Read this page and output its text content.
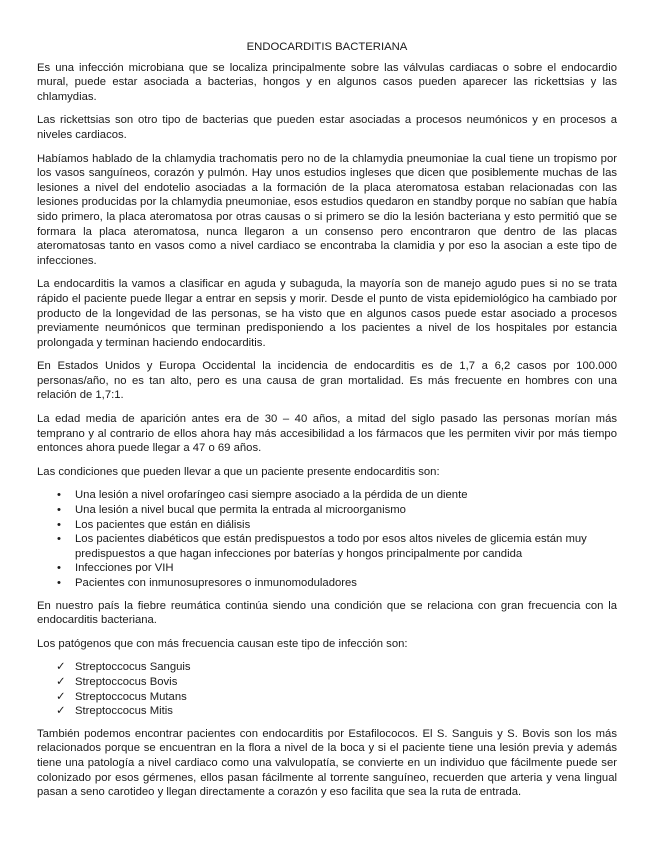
ENDOCARDITIS BACTERIANA

Es una infección microbiana que se localiza principalmente sobre las válvulas cardiacas o sobre el endocardio mural, puede estar asociada a bacterias, hongos y en algunos casos pueden aparecer las rickettsias y las chlamydias.

Las rickettsias son otro tipo de bacterias que pueden estar asociadas a procesos neumónicos y en procesos a niveles cardiacos.

Habíamos hablado de la chlamydia trachomatis pero no de la chlamydia pneumoniae la cual tiene un tropismo por los vasos sanguíneos, corazón y pulmón. Hay unos estudios ingleses que dicen que posiblemente muchas de las lesiones a nivel del endotelio asociadas a la formación de la placa ateromatosa estaban relacionadas con las lesiones producidas por la chlamydia pneumoniae, esos estudios quedaron en standby porque no sabían que había sido primero, la placa ateromatosa por otras causas o si primero se dio la lesión bacteriana y esto permitió que se formara la placa ateromatosa, nunca llegaron a un consenso pero encontraron que dentro de las placas ateromatosas tanto en vasos como a nivel cardiaco se encontraba la clamidia y por eso la asocian a este tipo de infecciones.

La endocarditis la vamos a clasificar en aguda y subaguda, la mayoría son de manejo agudo pues si no se trata rápido el paciente puede llegar a entrar en sepsis y morir. Desde el punto de vista epidemiológico ha cambiado por producto de la longevidad de las personas, se ha visto que en algunos casos puede estar asociado a procesos previamente neumónicos que terminan predisponiendo a los pacientes a nivel de los hospitales por estancia prolongada y terminan haciendo endocarditis.

En Estados Unidos y Europa Occidental la incidencia de endocarditis es de 1,7 a 6,2 casos por 100.000 personas/año, no es tan alto, pero es una causa de gran mortalidad. Es más frecuente en hombres con una relación de 1,7:1.

La edad media de aparición antes era de 30 – 40 años, a mitad del siglo pasado las personas morían más temprano y al contrario de ellos ahora hay más accesibilidad a los fármacos que les permiten vivir por más tiempo entonces ahora puede llegar a 47 o 69 años.

Las condiciones que pueden llevar a que un paciente presente endocarditis son:

• Una lesión a nivel orofaríngeo casi siempre asociado a la pérdida de un diente
• Una lesión a nivel bucal que permita la entrada al microorganismo
• Los pacientes que están en diálisis
• Los pacientes diabéticos que están predispuestos a todo por esos altos niveles de glicemia están muy predispuestos a que hagan infecciones por baterías y hongos principalmente por candida
• Infecciones por VIH
• Pacientes con inmunosupresores o inmunomoduladores

En nuestro país la fiebre reumática continúa siendo una condición que se relaciona con gran frecuencia con la endocarditis bacteriana.

Los patógenos que con más frecuencia causan este tipo de infección son:

✓ Streptoccocus Sanguis
✓ Streptoccocus Bovis
✓ Streptoccocus Mutans
✓ Streptoccocus Mitis

También podemos encontrar pacientes con endocarditis por Estafilococos. El S. Sanguis y S. Bovis son los más relacionados porque se encuentran en la flora a nivel de la boca y si el paciente tiene una lesión previa y además tiene una patología a nivel cardiaco como una valvulopatía, se convierte en un individuo que fácilmente puede ser colonizado por esos gérmenes, ellos pasan fácilmente al torrente sanguíneo, recuerden que arteria y vena lingual pasan a seno carotideo y llegan directamente a corazón y eso facilita que sea la ruta de entrada.
